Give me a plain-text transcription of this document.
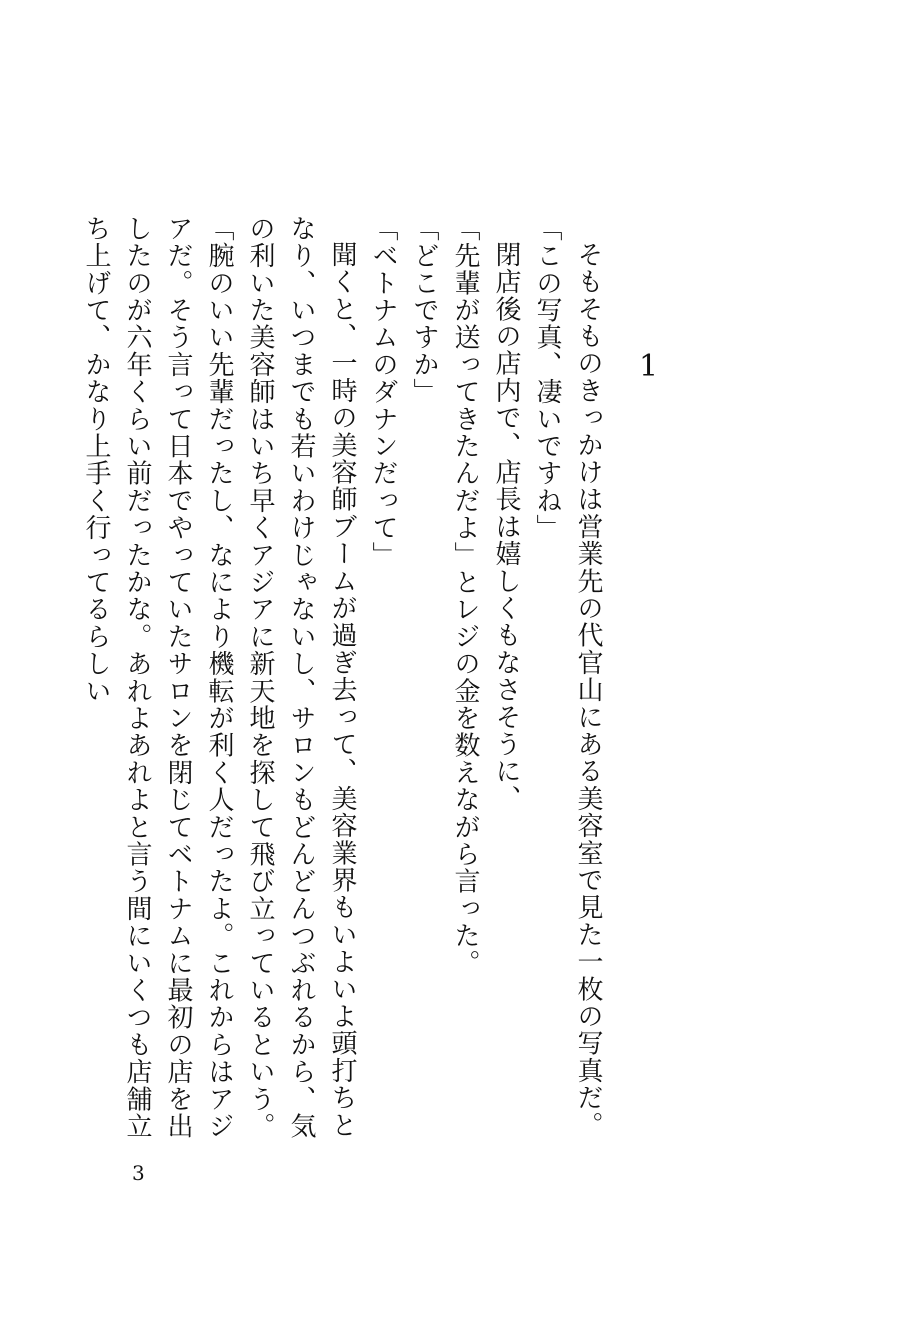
1

そもそものきっかけは営業先の代官山にある美容室で見た一枚の写真だ。

「この写真、凄いですね」

閉店後の店内で、店長は嬉しくもなさそうに、

「先輩が送ってきたんだよ」とレジの金を数えながら言った。

「どこですか」

「ベトナムのダナンだって」

聞くと、一時の美容師ブームが過ぎ去って、美容業界もいよいよ頭打ちとなり、いつまでも若いわけじゃないし、サロンもどんどんつぶれるから、気の利いた美容師はいち早くアジアに新天地を探して飛び立っているという。

「腕のいい先輩だったし、なにより機転が利く人だったよ。これからはアジアだ。そう言って日本でやっていたサロンを閉じてベトナムに最初の店を出したのが六年くらい前だったかな。あれよあれよと言う間にいくつも店舗立ち上げて、かなり上手く行ってるらしい

3
